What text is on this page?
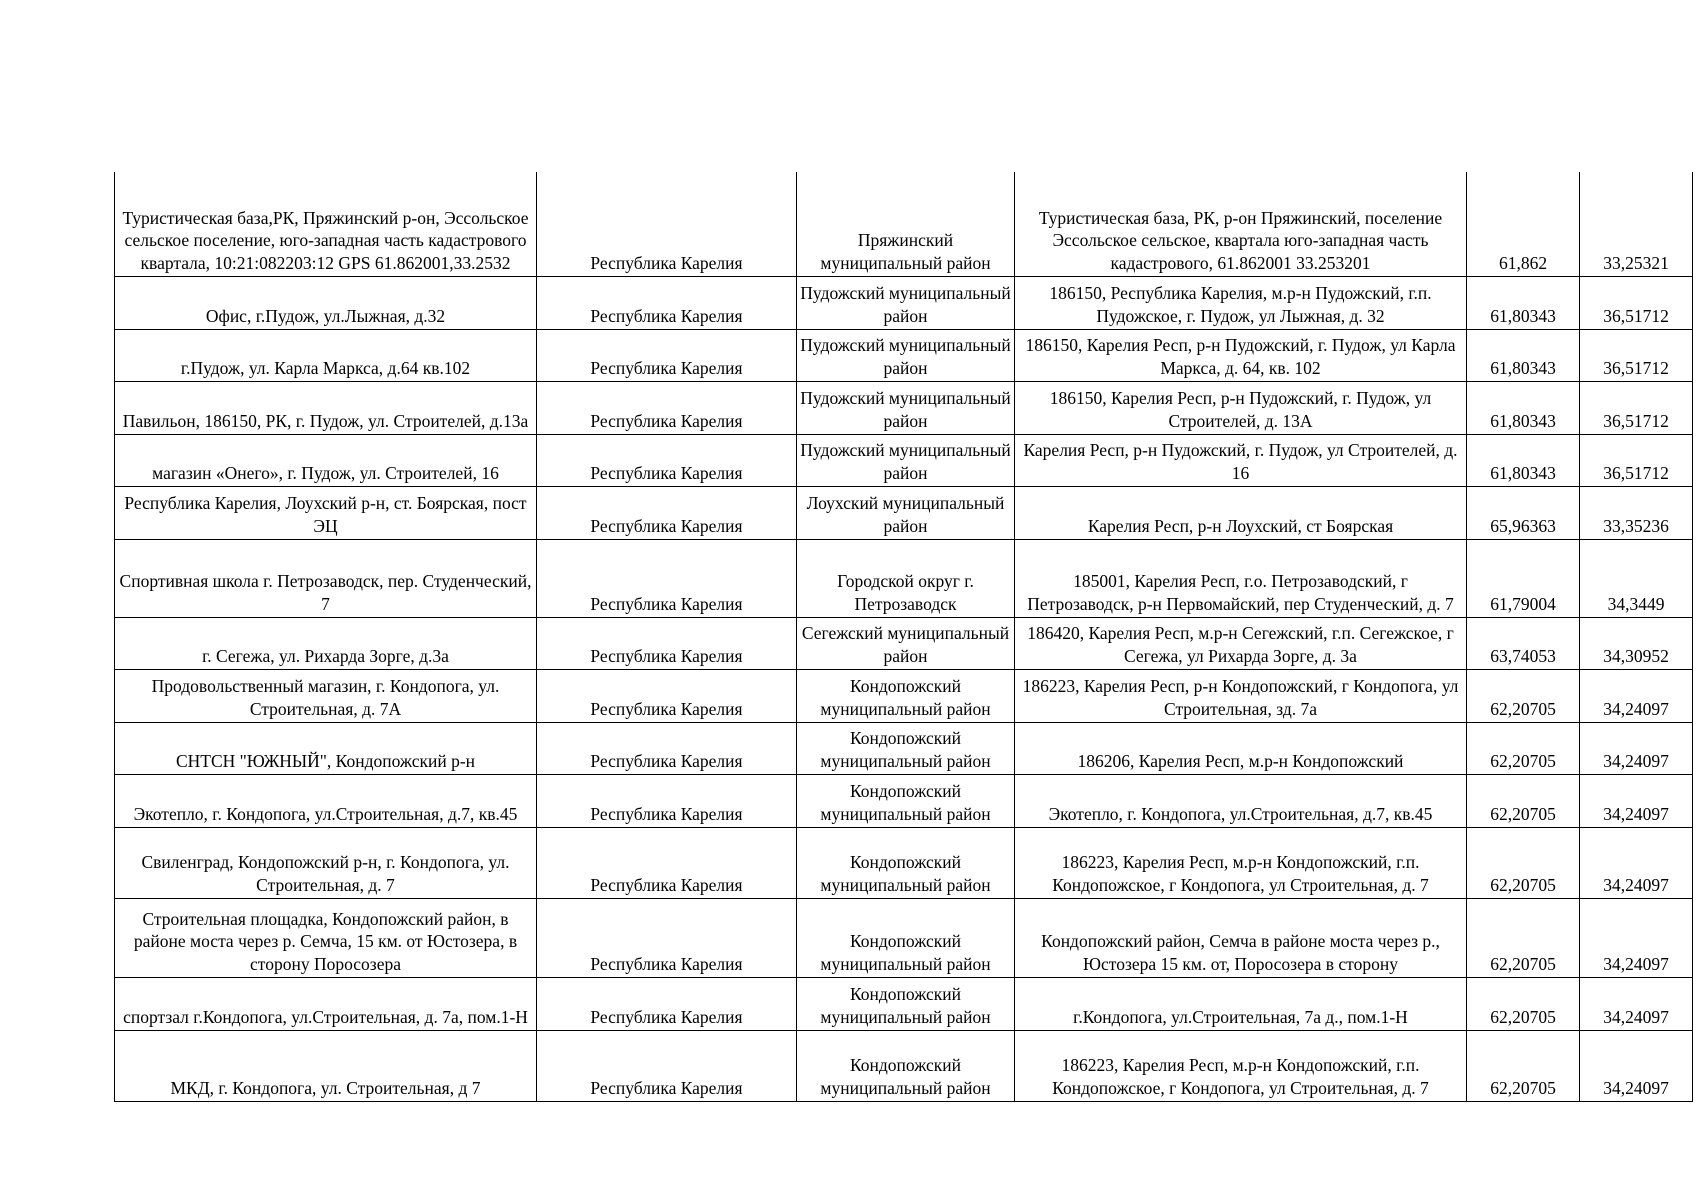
Туристическая база,РК, Пряжинский р-он, Эссольское сельское поселение, юго-западная часть кадастрового квартала, 10:21:082203:12 GPS 61.862001,33.2532	Республика Карелия	Пряжинский муниципальный район	Туристическая база, РК, р-он Пряжинский, поселение Эссольское сельское, квартала юго-западная часть кадастрового, 61.862001 33.253201	61,862	33,25321
Офис, г.Пудож, ул.Лыжная, д.32	Республика Карелия	Пудожский муниципальный район	186150, Республика Карелия, м.р-н Пудожский, г.п. Пудожское, г. Пудож, ул Лыжная, д. 32	61,80343	36,51712
г.Пудож, ул. Карла Маркса, д.64 кв.102	Республика Карелия	Пудожский муниципальный район	186150, Карелия Респ, р-н Пудожский, г. Пудож, ул Карла Маркса, д. 64, кв. 102	61,80343	36,51712
Павильон, 186150, РК, г. Пудож, ул. Строителей, д.13а	Республика Карелия	Пудожский муниципальный район	186150, Карелия Респ, р-н Пудожский, г. Пудож, ул Строителей, д. 13А	61,80343	36,51712
магазин «Онего», г. Пудож, ул. Строителей, 16	Республика Карелия	Пудожский муниципальный район	Карелия Респ, р-н Пудожский, г. Пудож, ул Строителей, д. 16	61,80343	36,51712
Республика Карелия, Лоухский р-н, ст. Боярская, пост ЭЦ	Республика Карелия	Лоухский муниципальный район	Карелия Респ, р-н Лоухский, ст Боярская	65,96363	33,35236
Спортивная школа г. Петрозаводск, пер. Студенческий, 7	Республика Карелия	Городской округ г. Петрозаводск	185001, Карелия Респ, г.о. Петрозаводский, г Петрозаводск, р-н Первомайский, пер Студенческий, д. 7	61,79004	34,3449
г. Сегежа, ул. Рихарда Зорге, д.3а	Республика Карелия	Сегежский муниципальный район	186420, Карелия Респ, м.р-н Сегежский, г.п. Сегежское, г Сегежа, ул Рихарда Зорге, д. 3а	63,74053	34,30952
Продовольственный магазин, г. Кондопога, ул. Строительная, д. 7А	Республика Карелия	Кондопожский муниципальный район	186223, Карелия Респ, р-н Кондопожский, г Кондопога, ул Строительная, зд. 7а	62,20705	34,24097
СНТСН "ЮЖНЫЙ", Кондопожский р-н	Республика Карелия	Кондопожский муниципальный район	186206, Карелия Респ, м.р-н Кондопожский	62,20705	34,24097
Экотепло, г. Кондопога, ул.Строительная, д.7, кв.45	Республика Карелия	Кондопожский муниципальный район	Экотепло, г. Кондопога, ул.Строительная, д.7, кв.45	62,20705	34,24097
Свиленград, Кондопожский р-н, г. Кондопога, ул. Строительная, д. 7	Республика Карелия	Кондопожский муниципальный район	186223, Карелия Респ, м.р-н Кондопожский, г.п. Кондопожское, г Кондопога, ул Строительная, д. 7	62,20705	34,24097
Строительная площадка, Кондопожский район, в районе моста через р. Семча, 15 км. от Юстозера, в сторону Поросозера	Республика Карелия	Кондопожский муниципальный район	Кондопожский район, Семча в районе моста через р., Юстозера 15 км. от, Поросозера в сторону	62,20705	34,24097
спортзал г.Кондопога, ул.Строительная, д. 7а, пом.1-Н	Республика Карелия	Кондопожский муниципальный район	г.Кондопога, ул.Строительная, 7а д., пом.1-Н	62,20705	34,24097
МКД, г. Кондопога, ул. Строительная, д 7	Республика Карелия	Кондопожский муниципальный район	186223, Карелия Респ, м.р-н Кондопожский, г.п. Кондопожское, г Кондопога, ул Строительная, д. 7	62,20705	34,24097
